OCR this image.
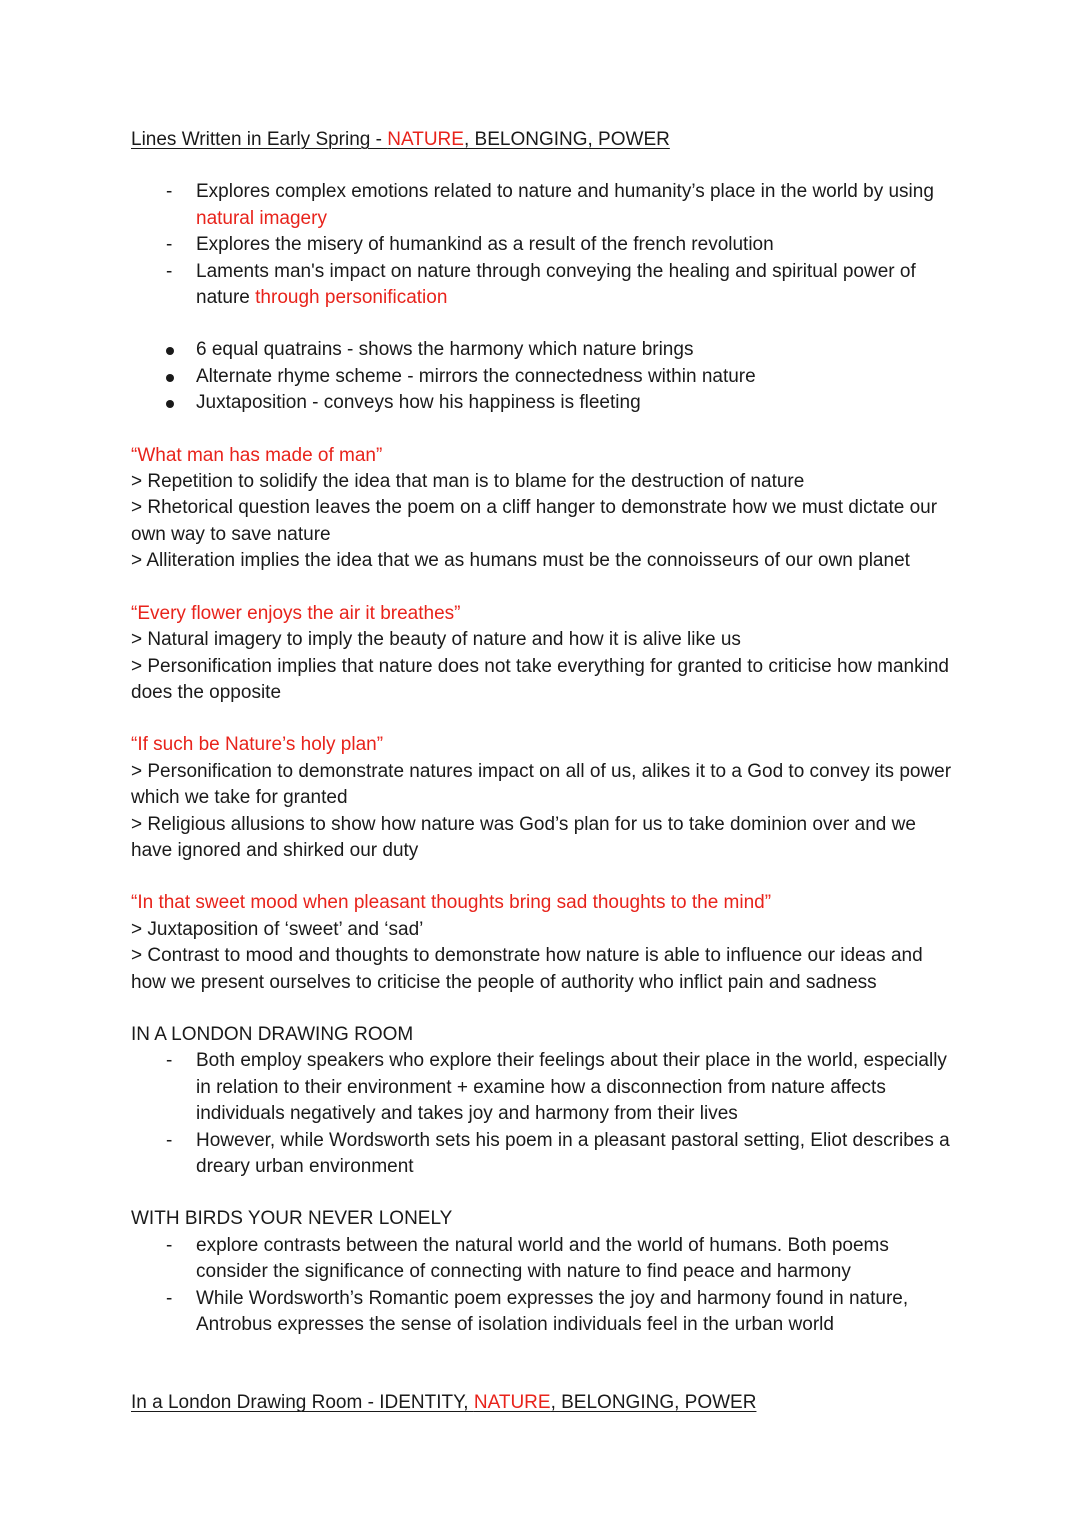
Lines Written in Early Spring - NATURE, BELONGING, POWER

- Explores complex emotions related to nature and humanity’s place in the world by using natural imagery
- Explores the misery of humankind as a result of the french revolution
- Laments man's impact on nature through conveying the healing and spiritual power of nature through personification
6 equal quatrains - shows the harmony which nature brings
Alternate rhyme scheme - mirrors the connectedness within nature
Juxtaposition - conveys how his happiness is fleeting

“What man has made of man”

> Repetition to solidify the idea that man is to blame for the destruction of nature

> Rhetorical question leaves the poem on a cliff hanger to demonstrate how we must dictate our own way to save nature

> Alliteration implies the idea that we as humans must be the connoisseurs of our own planet

“Every flower enjoys the air it breathes”

> Natural imagery to imply the beauty of nature and how it is alive like us

> Personification implies that nature does not take everything for granted to criticise how mankind does the opposite

“If such be Nature’s holy plan”

> Personification to demonstrate natures impact on all of us, alikes it to a God to convey its power which we take for granted

> Religious allusions to show how nature was God’s plan for us to take dominion over and we have ignored and shirked our duty

“In that sweet mood when pleasant thoughts bring sad thoughts to the mind”

> Juxtaposition of ‘sweet’ and ‘sad’

> Contrast to mood and thoughts to demonstrate how nature is able to influence our ideas and how we present ourselves to criticise the people of authority who inflict pain and sadness

IN A LONDON DRAWING ROOM

- Both employ speakers who explore their feelings about their place in the world, especially in relation to their environment + examine how a disconnection from nature affects individuals negatively and takes joy and harmony from their lives
- However, while Wordsworth sets his poem in a pleasant pastoral setting, Eliot describes a dreary urban environment

WITH BIRDS YOUR NEVER LONELY

- explore contrasts between the natural world and the world of humans. Both poems consider the significance of connecting with nature to find peace and harmony
- While Wordsworth’s Romantic poem expresses the joy and harmony found in nature, Antrobus expresses the sense of isolation individuals feel in the urban world

In a London Drawing Room - IDENTITY, NATURE, BELONGING, POWER
